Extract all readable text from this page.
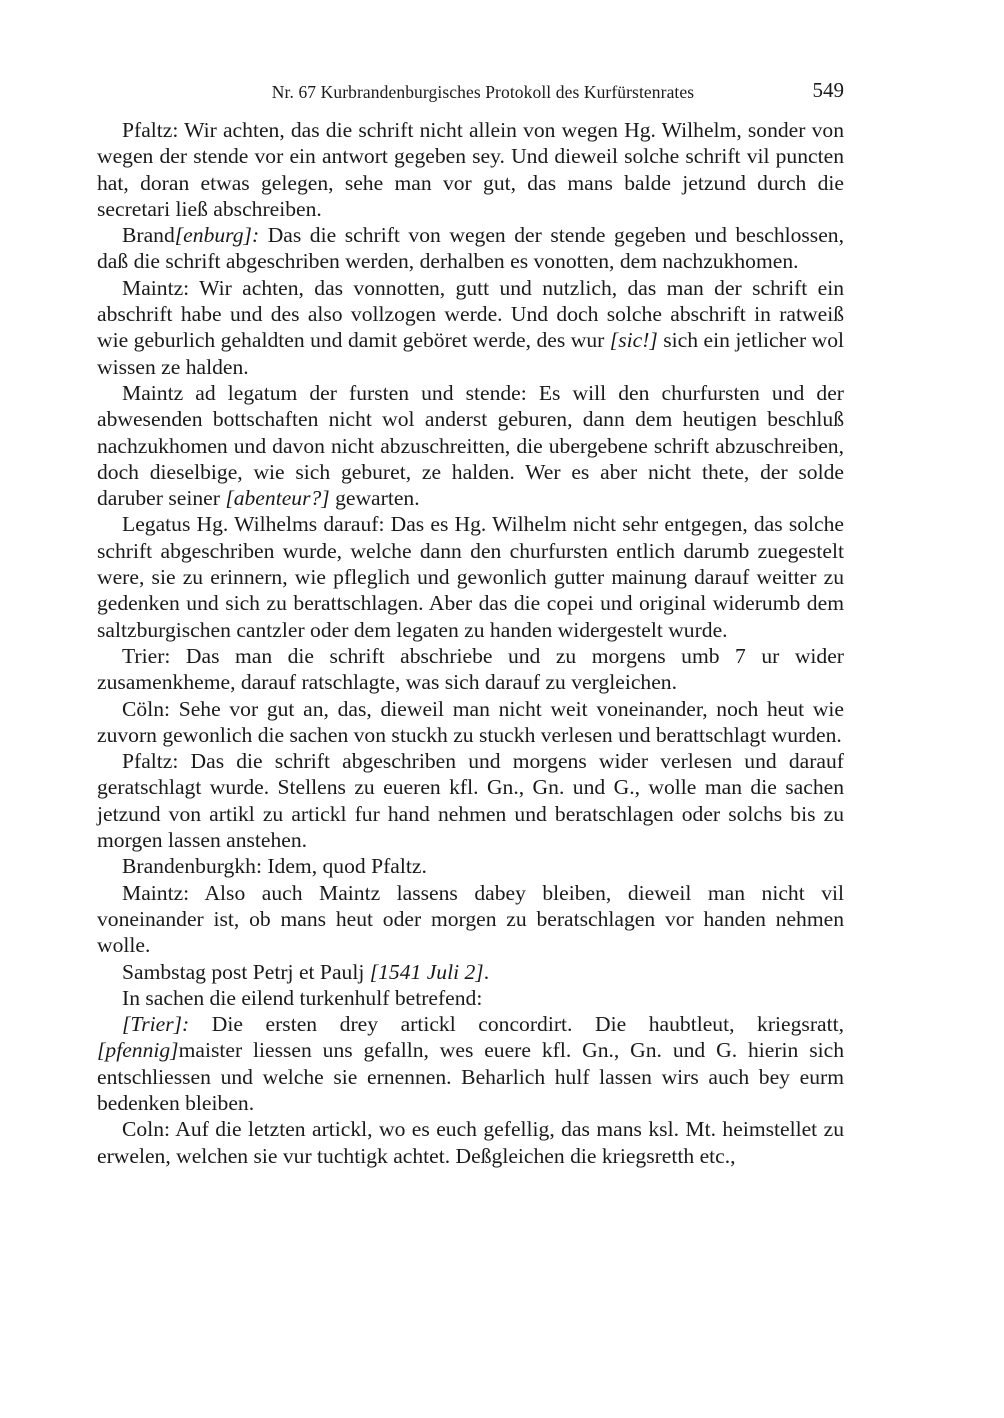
Nr. 67 Kurbrandenburgisches Protokoll des Kurfürstenrates	549

Pfaltz: Wir achten, das die schrift nicht allein von wegen Hg. Wilhelm, sonder von wegen der stende vor ein antwort gegeben sey. Und dieweil solche schrift vil puncten hat, doran etwas gelegen, sehe man vor gut, das mans balde jetzund durch die secretari ließ abschreiben.

Brand[enburg]: Das die schrift von wegen der stende gegeben und beschlossen, daß die schrift abgeschriben werden, derhalben es vonotten, dem nachzukhomen.

Maintz: Wir achten, das vonnotten, gutt und nutzlich, das man der schrift ein abschrift habe und des also vollzogen werde. Und doch solche abschrift in ratweiß wie geburlich gehaldten und damit geböret werde, des wur [sic!] sich ein jetlicher wol wissen ze halden.

Maintz ad legatum der fursten und stende: Es will den churfursten und der abwesenden bottschaften nicht wol anderst geburen, dann dem heutigen beschluß nachzukhomen und davon nicht abzuschreitten, die ubergebene schrift abzuschreiben, doch dieselbige, wie sich geburet, ze halden. Wer es aber nicht thete, der solde daruber seiner [abenteur?] gewarten.

Legatus Hg. Wilhelms darauf: Das es Hg. Wilhelm nicht sehr entgegen, das solche schrift abgeschriben wurde, welche dann den churfursten entlich darumb zuegestelt were, sie zu erinnern, wie pfleglich und gewonlich gutter mainung darauf weitter zu gedenken und sich zu berattschlagen. Aber das die copei und original widerumb dem saltzburgischen cantzler oder dem legaten zu handen widergestelt wurde.

Trier: Das man die schrift abschriebe und zu morgens umb 7 ur wider zusamenkheme, darauf ratschlagte, was sich darauf zu vergleichen.

Cöln: Sehe vor gut an, das, dieweil man nicht weit voneinander, noch heut wie zuvorn gewonlich die sachen von stuckh zu stuckh verlesen und berattschlagt wurden.

Pfaltz: Das die schrift abgeschriben und morgens wider verlesen und darauf geratschlagt wurde. Stellens zu eueren kfl. Gn., Gn. und G., wolle man die sachen jetzund von artikl zu artickl fur hand nehmen und beratschlagen oder solchs bis zu morgen lassen anstehen.

Brandenburgkh: Idem, quod Pfaltz.

Maintz: Also auch Maintz lassens dabey bleiben, dieweil man nicht vil voneinander ist, ob mans heut oder morgen zu beratschlagen vor handen nehmen wolle.

Sambstag post Petrj et Paulj [1541 Juli 2].

In sachen die eilend turkenhulf betrefend:

[Trier]: Die ersten drey artickl concordirt. Die haubtleut, kriegsratt, [pfennig]maister liessen uns gefalln, wes euere kfl. Gn., Gn. und G. hierin sich entschliessen und welche sie ernennen. Beharlich hulf lassen wirs auch bey eurm bedenken bleiben.

Coln: Auf die letzten artickl, wo es euch gefellig, das mans ksl. Mt. heimstellet zu erwelen, welchen sie vur tuchtigk achtet. Deßgleichen die kriegsretth etc.,
